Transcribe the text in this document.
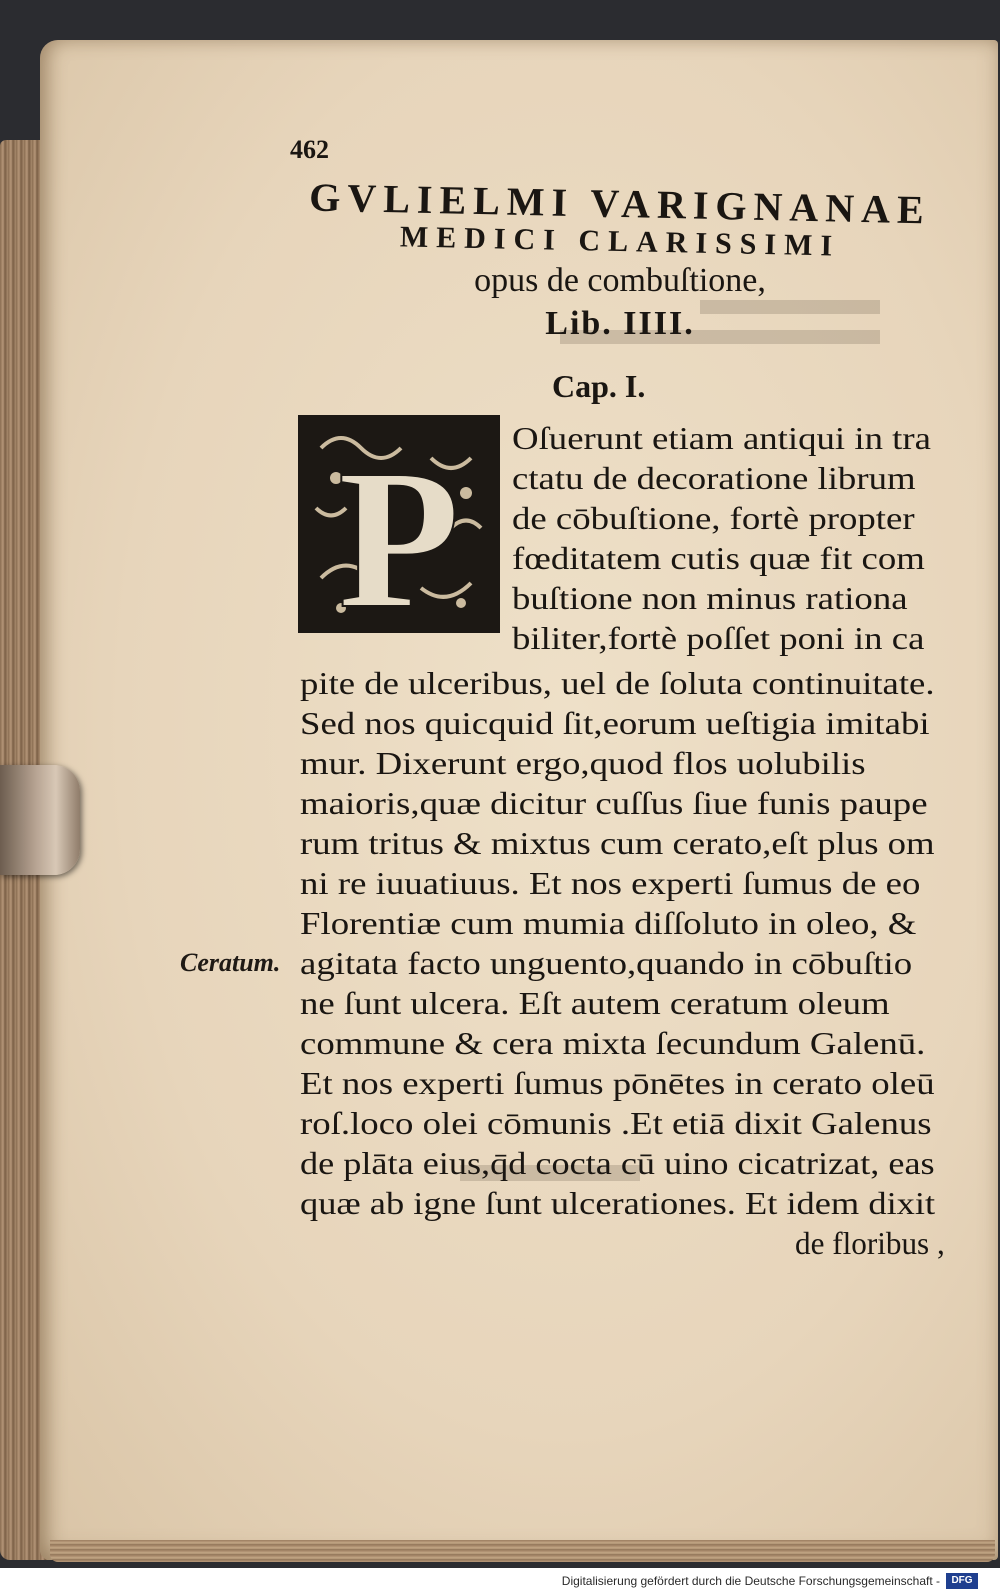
462
GVLIELMI VARIGNANAE
MEDICI CLARISSIMI
opus de combuſtione,
Lib. IIII.
Cap. I.
P Oſuerunt etiam antiqui in tra
ctatu de decoratione librum
de cōbuſtione, fortè propter
fœditatem cutis quæ fit com
buſtione non minus rationa
biliter,fortè poſſet poni in ca
pite de ulceribus, uel de ſoluta continuitate.
Sed nos quicquid ſit,eorum ueſtigia imitabi
mur. Dixerunt ergo,quod flos uolubilis
maioris,quæ dicitur cuſſus ſiue funis paupe
rum tritus & mixtus cum cerato,eſt plus om
ni re iuuatiuus. Et nos experti ſumus de eo
Florentiæ cum mumia diſſoluto in oleo, &
agitata facto unguento,quando in cōbuſtio
ne ſunt ulcera. Eſt autem ceratum oleum
commune & cera mixta ſecundum Galenū.
Et nos experti ſumus pōnētes in cerato oleū
roſ.loco olei cōmunis .Et etiā dixit Galenus
de plāta eius,q̄d cocta cū uino cicatrizat, eas
quæ ab igne ſunt ulcerationes. Et idem dixit
de floribus ,
Ceratum.
Digitalisierung gefördert durch die Deutsche Forschungsgemeinschaft -	DFG
